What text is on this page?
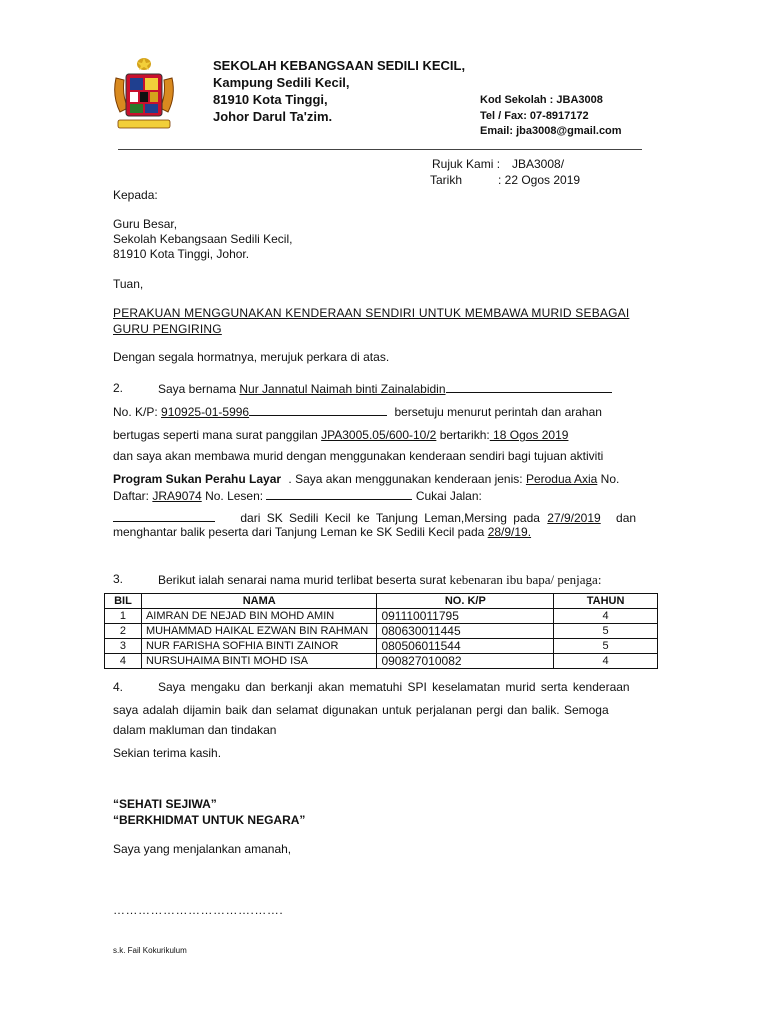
SEKOLAH KEBANGSAAN SEDILI KECIL,
Kampung Sedili Kecil,
81910 Kota Tinggi,
Johor Darul Ta'zim.
Kod Sekolah : JBA3008
Tel / Fax: 07-8917172
Email: jba3008@gmail.com
Rujuk Kami : JBA3008/
Tarikh	: 22 Ogos 2019
Kepada:
Guru Besar,
Sekolah Kebangsaan Sedili Kecil,
81910 Kota Tinggi, Johor.
Tuan,
PERAKUAN MENGGUNAKAN KENDERAAN SENDIRI UNTUK MEMBAWA MURID SEBAGAI
GURU PENGIRING
Dengan segala hormatnya, merujuk perkara di atas.
2.	Saya bernama Nur Jannatul Naimah binti Zainalabidin
No. K/P: 910925-01-5996	bersetuju menurut perintah dan arahan
bertugas seperti mana surat panggilan JPA3005.05/600-10/2 bertarikh: 18 Ogos 2019
dan saya akan membawa murid dengan menggunakan kenderaan sendiri bagi tujuan aktiviti
Program Sukan Perahu Layar . Saya akan menggunakan kenderaan jenis: Perodua Axia No.
Daftar: JRA9074 No. Lesen:	Cukai Jalan:
dari SK Sedili Kecil ke Tanjung Leman,Mersing pada 27/9/2019 dan
menghantar balik peserta dari Tanjung Leman ke SK Sedili Kecil pada 28/9/19.
3.	Berikut ialah senarai nama murid terlibat beserta surat kebenaran ibu bapa/ penjaga:
BIL	NAMA	NO. K/P	TAHUN
1	AIMRAN DE NEJAD BIN MOHD AMIN	091110011795	4
2	MUHAMMAD HAIKAL EZWAN BIN RAHMAN	080630011445	5
3	NUR FARISHA SOFHIA BINTI ZAINOR	080506011544	5
4	NURSUHAIMA BINTI MOHD ISA	090827010082	4
4.	Saya mengaku dan berkanji akan mematuhi SPI keselamatan murid serta kenderaan
saya adalah dijamin baik dan selamat digunakan untuk perjalanan pergi dan balik. Semoga
dalam makluman dan tindakan
Sekian terima kasih.
“SEHATI SEJIWA”
“BERKHIDMAT UNTUK NEGARA”
Saya yang menjalankan amanah,
…………………………….…….
s.k. Fail Kokurikulum
